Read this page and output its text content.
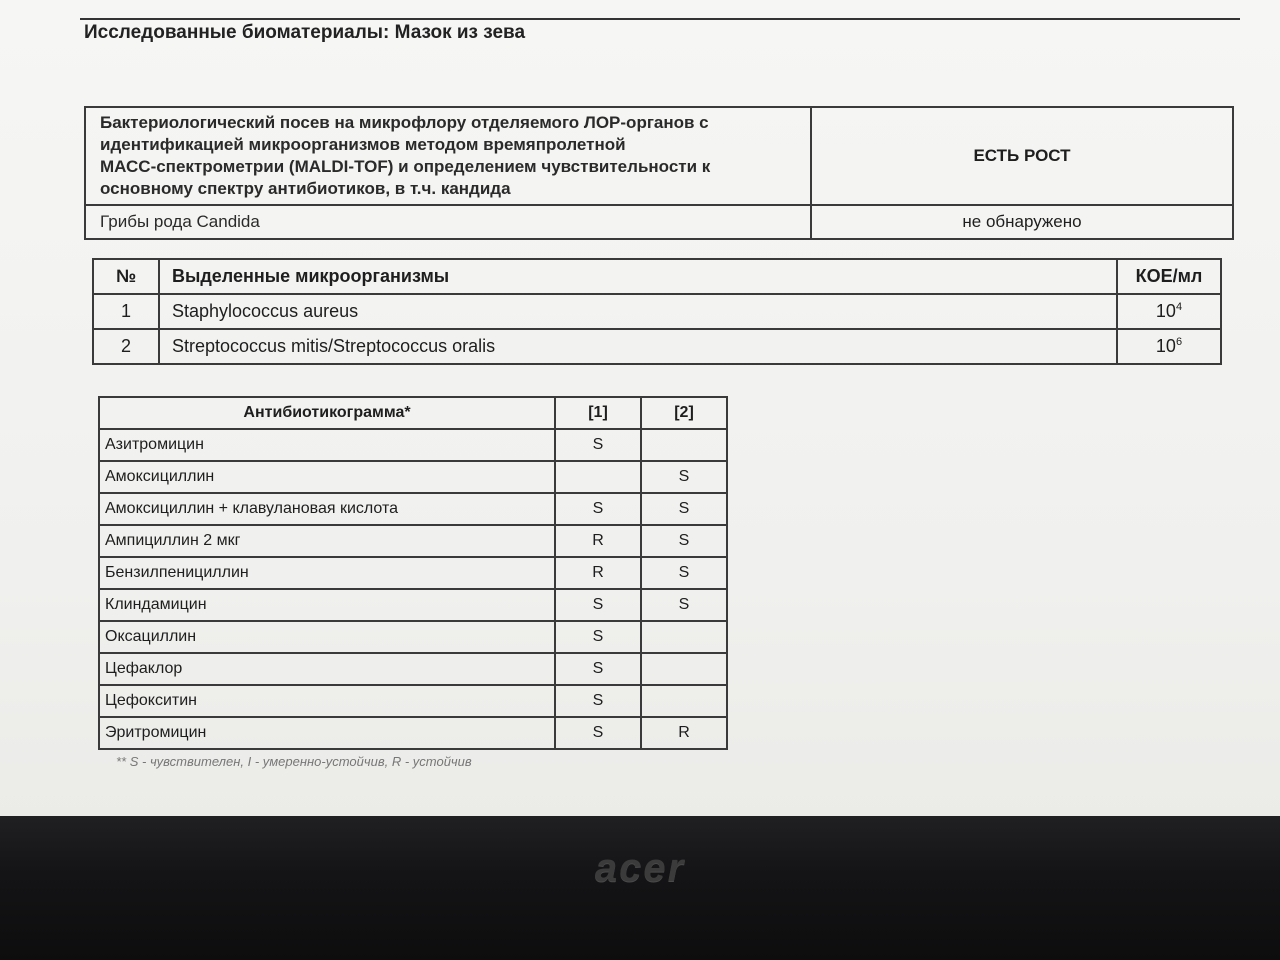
Исследованные биоматериалы: Мазок из зева
Бактериологический посев на микрофлору отделяемого ЛОР-органов с
идентификацией микроорганизмов методом времяпролетной
МАСС-спектрометрии (MALDI-TOF) и определением чувствительности к
основному спектру антибиотиков, в т.ч. кандида	ЕСТЬ РОСТ
Грибы рода Candida	не обнаружено
№	Выделенные микроорганизмы	КОЕ/мл
1	Staphylococcus aureus	$10^4$
2	Streptococcus mitis/Streptococcus oralis	$10^6$
Антибиотикограмма*	[1]	[2]
Азитромицин	S	
Амоксициллин		S
Амоксициллин + клавулановая кислота	S	S
Ампициллин 2 мкг	R	S
Бензилпенициллин	R	S
Клиндамицин	S	S
Оксациллин	S	
Цефаклор	S	
Цефокситин	S	
Эритромицин	S	R
** S - чувствителен, I - умеренно-устойчив, R - устойчив
acer
